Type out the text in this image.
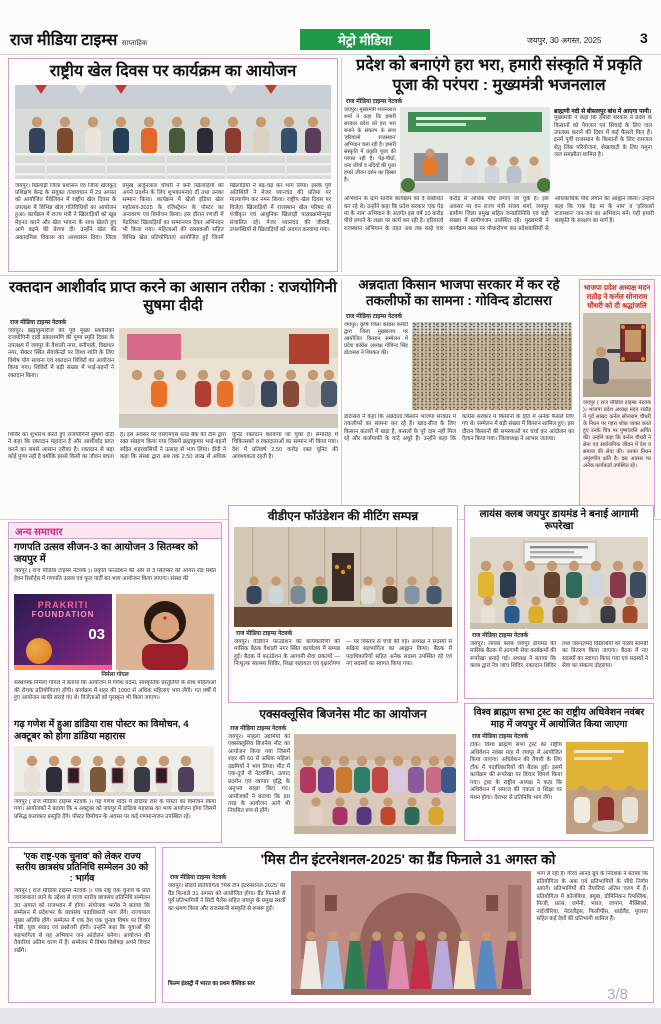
राज मीडिया टाइम्स साप्ताहिक	मेट्रो मीडिया	जयपुर, 30 अगस्त, 2025	3
राष्ट्रीय खेल दिवस पर कार्यक्रम का आयोजन
जयपुर। खिलाड़ी जिला प्रशासन एवं जिला खेलकूद प्रशिक्षण केन्द्र के संयुक्त तत्वावधान में 29 अगस्त को आयोजित पैवेलियन में राष्ट्रीय खेल दिवस के उपलक्ष्य में विभिन्न खेल गतिविधियों का आयोजन हुआ। कार्यक्रम में राज्य मंत्री ने खिलाड़ियों को खूब मेहनत करने और खेल भावना के साथ खेलते हुए आगे बढ़ने की प्रेरणा दी। उन्होंने खेल की अकादमिक विकास का आश्वासन दिया। जिला प्रमुख अर्जुनलाल चौधरी ने बनी खिलाड़ियों को अपने प्रदर्शन के लिए शुभकामनाएं दीं तथा उनका सम्मान किया। कार्यक्रम में खेलो इंडिया खेल महोत्सव-2025 के रजिस्ट्रेशन के पोस्टर का अनावरण एवं विमोचन किया। इस दौरान रणजी में मेडलिस्ट खिलाड़ियों का सम्मानपत्र देकर अभिनंदन भी किया गया। महिलाओं की रस्साकशी सहित विभिन्न खेल प्रतियोगिताएं आयोजित हुईं जिनमें खिलाड़ियों ने बढ़-चढ़ कर भाग लिया। इसके पूर्व अतिथियों ने मेजर ध्यानचंद की प्रतिमा पर माल्यार्पण कर नमन किया। राष्ट्रीय खेल दिवस पर विजेता खिलाड़ियों में राजस्थान खेल परिषद से पंजीकृत एवं आधुनिक खिलाड़ी पाठ्यक्रमोन्मुख संचालित रहे। मेजर ध्यानचंद की जीवनी, उपलब्धियों से खिलाड़ियों को अवगत करवाया गया।
प्रदेश को बनाएंगे हरा भरा, हमारी संस्कृति में प्रकृति पूजा की परंपरा : मुख्यमंत्री भजनलाल
राज मीडिया टाइम्स नेटवर्क
जयपुर। मुख्यमंत्री भजनलाल शर्मा ने कहा कि हमारी सरकार प्रदेश को हरा भरा बनाने के संकल्प के साथ 'हरियालो राजस्थान' अभियान चला रही है। हमारी संस्कृति में प्रकृति पूजा की परंपरा रही है। पेड़-पौधों, वन्य जीवों व नदियों की पूजा हमारे जीवन दर्शन का हिस्सा है।
ब्राह्मणी नदी से बीसलपुर बांध में आएगा पानी।
मुख्यमंत्री ने कहा कि हमारी सरकार ने प्रदेश के किसानों को पेयजल एवं सिंचाई के लिए जल उपलब्ध कराने की दिशा में कई फैसले किए हैं। इनमें पूर्वी राजस्थान के किसानों के लिए रामजल सेतु लिंक परियोजना, शेखावाटी के लिए यमुना जल समझौता शामिल है।
अभियान के ग्राम स्तरीय कार्यक्रम को वे संबोधित कर रहे थे। उन्होंने कहा कि प्रदेश सरकार 'एक पेड़ मां के नाम' अभियान के अंतर्गत इस वर्ष 10 करोड़ पौधे लगाने के लक्ष्य पर कार्य कर रही है। हरियालो राजस्थान अभियान के तहत अब तक साढ़े चार करोड़ से अधिक पौधे लगाए जा चुके हैं। इस अवसर पर वन राज्य मंत्री संजय शर्मा, जयपुर ग्रामीण जिला प्रमुख सहित जनप्रतिनिधि एवं बड़ी संख्या में ग्रामीणजन उपस्थित रहे। मुख्यमंत्री ने कार्यक्रम स्थल पर पौधारोपण कर प्रदेशवासियों से अधिकाधिक पौधे लगाने का आह्वान किया। उन्होंने कहा कि 'एक पेड़ मां के नाम' व 'हरियालो राजस्थान' जन-जन का अभियान बनें। यही हमारी संस्कृति के संरक्षण का मार्ग है।
रक्तदान आशीर्वाद प्राप्त करने का आसान तरीका : राजयोगिनी सुषमा दीदी
राज मीडिया टाइम्स नेटवर्क
जयपुर। ब्रह्माकुमारीज की पूर्व मुख्य प्रशासिका राजयोगिनी दादी प्रकाशमणि की पुण्य स्मृति दिवस के उपलक्ष्य में जयपुर के वैशाली नगर, बनीपार्क, विद्याधर नगर, सेक्टर स्थित सेवाकेन्द्रों पर विश्व शांति के लिए विशेष योग साधना एवं रक्तदान शिविरों का आयोजन किया गया। शिविरों में बड़ी संख्या में भाई-बहनों ने रक्तदान किया।
शिविर का शुभारंभ करते हुए राजयोगिनी सुषमा दीदी ने कहा कि रक्तदान महादान है और आशीर्वाद प्राप्त करने का सबसे आसान तरीका है। रक्तदान से बड़ा कोई पुण्य नहीं है क्योंकि इससे किसी का जीवन बचता है। इस अवसर पर एसएमएस ब्लड बैंक की टीम द्वारा रक्त संग्रहण किया गया जिसमें ब्रह्माकुमार भाई-बहनों सहित शहरवासियों ने उत्साह से भाग लिया। दीदी ने कहा कि संस्था द्वारा अब तक 2.50 लाख से अधिक यूनिट रक्तदान करवाया जा चुका है। समारोह में चिकित्सकों व रक्तदाताओं का सम्मान भी किया गया। देश में प्रतिवर्ष 2.50 करोड़ रक्त यूनिट की आवश्यकता रहती है।
अन्नदाता किसान भाजपा सरकार में कर रहे तकलीफों का सामना : गोविन्द डोटासरा
राज मीडिया टाइम्स नेटवर्क
जयपुर। कृषि जिला कांग्रेस कमेटी द्वारा जिला मुख्यालय पर आयोजित किसान सम्मेलन में प्रदेश कांग्रेस अध्यक्ष गोविन्द सिंह डोटासरा ने शिरकत की।
डोटासरा ने कहा कि अन्नदाता किसान भाजपा सरकार में तकलीफों का सामना कर रहे हैं। खाद-बीज के लिए किसान कतारों में खड़ा है, फसलों के पूरे दाम नहीं मिल रहे और कर्जमाफी के वादे अधूरे हैं। उन्होंने कहा कि कांग्रेस सरकार में किसानों के हित में अनेक फैसले लिए गए थे। सम्मेलन में बड़ी संख्या में किसान शामिल हुए। इस दौरान किसानों की समस्याओं पर चर्चा कर आंदोलन का ऐलान किया गया। जिलाध्यक्ष ने आभार जताया।
भाजपा प्रदेश अध्यक्ष मदन राठौड़ ने कर्नल सोनाराम चौधरी को दी श्रद्धांजलि
जयपुर ( राज मीडिया टाइम्स नेटवर्क )। भाजपा प्रदेश अध्यक्ष मदन राठौड़ ने पूर्व सांसद कर्नल सोनाराम चौधरी के निधन पर गहरा शोक व्यक्त करते हुए उनके चित्र पर पुष्पांजलि अर्पित की। उन्होंने कहा कि कर्नल चौधरी ने सेना एवं सार्वजनिक जीवन में देश व समाज की सेवा की। उनका निधन अपूरणीय क्षति है। इस अवसर पर अनेक कार्यकर्ता उपस्थित रहे।
अन्य समाचार
गणपति उत्सव सीजन-3 का आयोजन 3 सितम्बर को जयपुर में
जयपुर ( राज मीडिया टाइम्स नेटवर्क )। प्रकृति फाउंडेशन की ओर से 3 सितम्बर को आगरा रोड स्थित हेवन रिसोर्ट्स में गणपति उत्सव एवं फुल पार्टी का भव्य आयोजन किया जाएगा। संस्था की
PRAKRITI
FOUNDATION
03
निर्मला गोयल
संस्थापक निर्मला गोयल ने बताया कि आयोजन में गणेश वंदना, सांस्कृतिक प्रस्तुतियों के साथ महिलाओं की रोचक प्रतियोगिताएं होंगी। कार्यक्रम में शहर की 1000 से अधिक महिलाएं भाग लेंगी। गत वर्षों में हुए आयोजन काफी सराहे गए थे। विजेताओं को पुरस्कृत भी किया जाएगा।
गढ़ गणेश में हुआ डांडिया रास पोस्टर का विमोचन, 4 अक्टूबर को होगा डांडिया महारास
जयपुर ( राज मीडिया टाइम्स नेटवर्क )। गढ़ गणेश मंदिर में डांडिया रास के पोस्टर का विमोचन किया गया। आयोजकों ने बताया कि 4 अक्टूबर को जयपुर में डांडिया महारास का भव्य आयोजन होगा जिसमें प्रसिद्ध कलाकार प्रस्तुति देंगे। पोस्टर विमोचन के अवसर पर कई गणमान्यजन उपस्थित रहे।
'एक राष्ट्र-एक चुनाव' को लेकर राज्य स्तरीय छात्रसंघ प्रतिनिधि सम्मेलन 30 को : भार्गव
जयपुर ( राज मीडिया टाइम्स नेटवर्क )। एक राष्ट्र एक चुनाव के प्रति जागरूकता लाने के उद्देश्य से राज्य स्तरीय छात्रसंघ प्रतिनिधि सम्मेलन 30 अगस्त को राजभवन में होगा। संयोजक भार्गव ने बताया कि सम्मेलन में प्रदेशभर के छात्रसंघ पदाधिकारी भाग लेंगे। राज्यपाल मुख्य अतिथि होंगे। सम्मेलन में एक देश एक चुनाव विषय पर विचार गोष्ठी, युवा संवाद एवं प्रश्नोत्तरी होगी। उन्होंने कहा कि युवाओं की सहभागिता से यह अभियान जन आंदोलन बनेगा। आयोजन की तैयारियां अंतिम चरण में हैं। सम्मेलन में विषय विशेषज्ञ अपने विचार रखेंगे।
वीडीएन फॉउंडेशन की मीटिंग सम्पन्न
राज मीडिया टाइम्स नेटवर्क
जयपुर। वीडीएन फाउंडेशन की कार्यकारिणी की मासिक बैठक वैशाली नगर स्थित कार्यालय में सम्पन्न हुई। बैठक में फाउंडेशन के आगामी सेवा प्रकल्पों — निःशुल्क स्वास्थ्य शिविर, शिक्षा सहायता एवं वृक्षारोपण — पर विस्तार से चर्चा की गई। अध्यक्ष ने सदस्यों से सक्रिय सहभागिता का आह्वान किया। बैठक में पदाधिकारियों सहित अनेक सदस्य उपस्थित रहे एवं नए सदस्यों का स्वागत किया गया।
एक्सक्लूसिव बिजनेस मीट का आयोजन
राज मीडिया टाइम्स नेटवर्क
जयपुर। महिला उद्यमियों की एक्सक्लूसिव बिजनेस मीट का आयोजन किया गया जिसमें शहर की 60 से अधिक महिला उद्यमियों ने भाग लिया। मीट में एक-दूजे से नेटवर्किंग, उत्पाद प्रदर्शन एवं व्यापार वृद्धि के अनुभव साझा किए गए। आयोजकों ने बताया कि इस तरह के आयोजन आगे भी नियमित रूप से होंगे।
लायंस क्लब जयपुर डायमंड ने बनाई आगामी रूपरेखा
राज मीडिया टाइम्स नेटवर्क
जयपुर। लायंस क्लब जयपुर डायमंड की मासिक बैठक में आगामी सेवा कार्यक्रमों की रूपरेखा बनाई गई। अध्यक्ष ने बताया कि क्लब द्वारा नेत्र जांच शिविर, रक्तदान शिविर तथा जरूरतमंद विद्यार्थियों को पाठ्य सामग्री का वितरण किया जाएगा। बैठक में नए सदस्यों का स्वागत किया गया एवं सदस्यों ने सेवा का संकल्प दोहराया।
विश्व ब्राह्मण सभा ट्रस्ट का राष्ट्रीय अधिवेशन नवंबर माह में जयपुर में आयोजित किया जाएगा
राज मीडिया टाइम्स नेटवर्क
टोंक। विश्व ब्राह्मण सभा ट्रस्ट का राष्ट्रीय अधिवेशन नवंबर माह में जयपुर में आयोजित किया जाएगा। अधिवेशन की तैयारी के लिए टोंक में पदाधिकारियों की बैठक हुई। इसमें कार्यक्रम की रूपरेखा पर विचार विमर्श किया गया। ट्रस्ट के राष्ट्रीय अध्यक्ष ने कहा कि अधिवेशन में समाज की एकता व शिक्षा पर मंथन होगा। देशभर से प्रतिनिधि भाग लेंगे।
'मिस टीन इंटरनेशनल-2025' का ग्रैंड फिनाले 31 अगस्त को
राज मीडिया टाइम्स नेटवर्क
जयपुर। सौंदर्य प्रतियोगिता 'मिस टीन इंटरनेशनल-2025' का ग्रैंड फिनाले 31 अगस्त को आयोजित होगा। ग्रैंड फिनाले से पूर्व प्रतिभागियों ने सिटी पैलेस सहित जयपुर के प्रमुख स्थलों का भ्रमण किया और राजस्थानी संस्कृति से रूबरू हुईं।
फिल्म इंडस्ट्री में भारत का प्रथम वैश्विक स्तर
भाग ले रही हैं। गौरव आनंद ग्रुप के निदेशक ने बताया कि प्रतियोगिता के अंक एवं प्रतिभागियों के सीधे निर्णय आएंगे। प्रतिभागियों की तैयारियां अंतिम चरण में हैं। प्रतियोगिता में कोलंबिया, क्यूबा, डोमिनिकन रिपब्लिक, फिजी, फ्रांस, जर्मनी, भारत, जापान, मैक्सिको, नाईजीरिया, नेदरलैंड्स, फिलीपींस, थाईलैंड, यूएसए सहित कई देशों की प्रतिभागी शामिल हैं।
3/8
